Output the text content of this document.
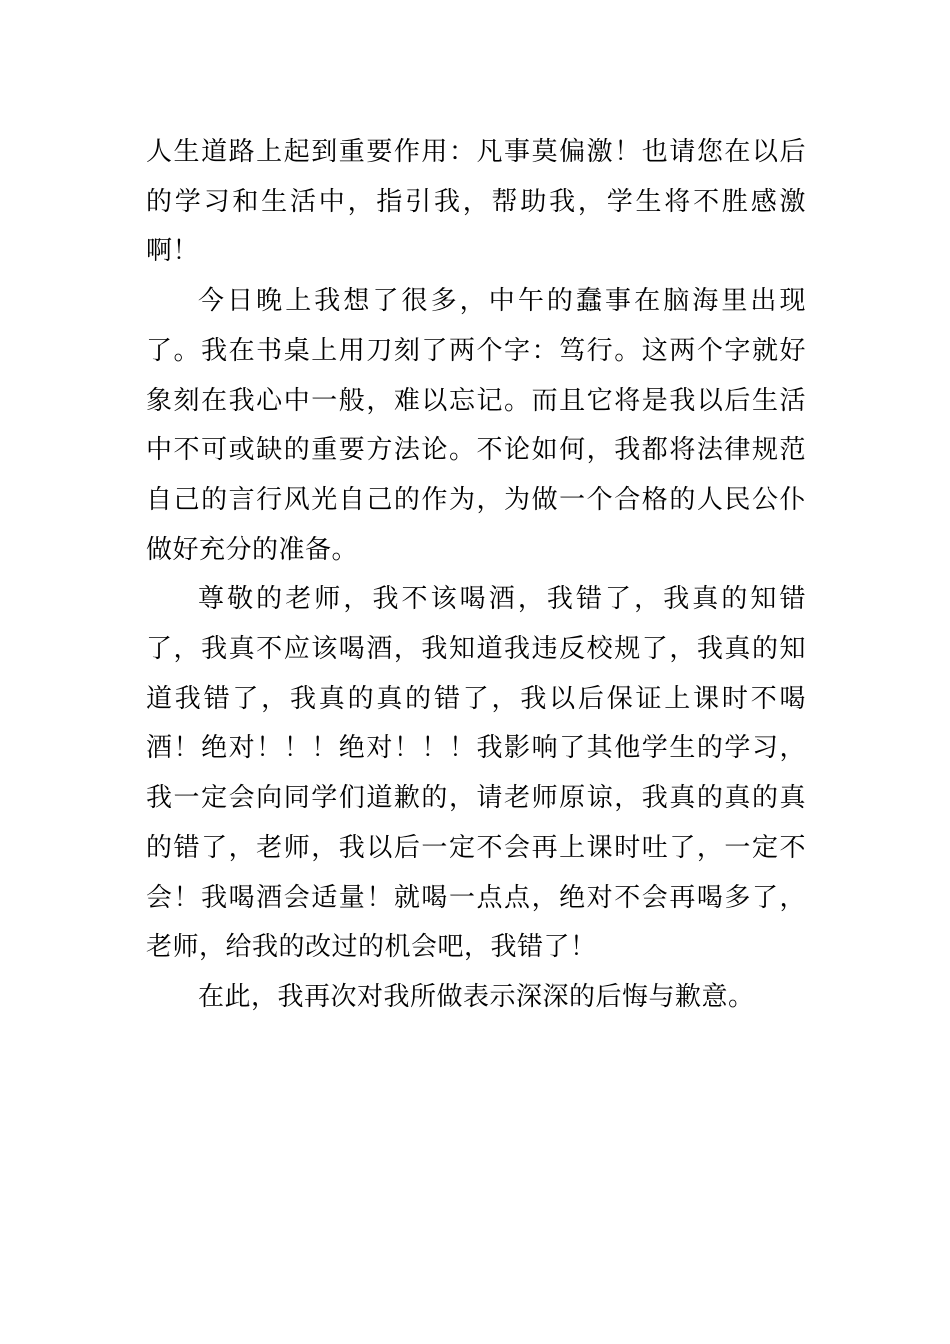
人生道路上起到重要作用：凡事莫偏激！也请您在以后的学习和生活中，指引我，帮助我，学生将不胜感激啊！

今日晚上我想了很多，中午的蠢事在脑海里出现了。我在书桌上用刀刻了两个字：笃行。这两个字就好象刻在我心中一般，难以忘记。而且它将是我以后生活中不可或缺的重要方法论。不论如何，我都将法律规范自己的言行风光自己的作为，为做一个合格的人民公仆做好充分的准备。

尊敬的老师，我不该喝酒，我错了，我真的知错了，我真不应该喝酒，我知道我违反校规了，我真的知道我错了，我真的真的错了，我以后保证上课时不喝酒！绝对！！！绝对！！！我影响了其他学生的学习，我一定会向同学们道歉的，请老师原谅，我真的真的真的错了，老师，我以后一定不会再上课时吐了，一定不会！我喝酒会适量！就喝一点点，绝对不会再喝多了，老师，给我的改过的机会吧，我错了！

在此，我再次对我所做表示深深的后悔与歉意。
